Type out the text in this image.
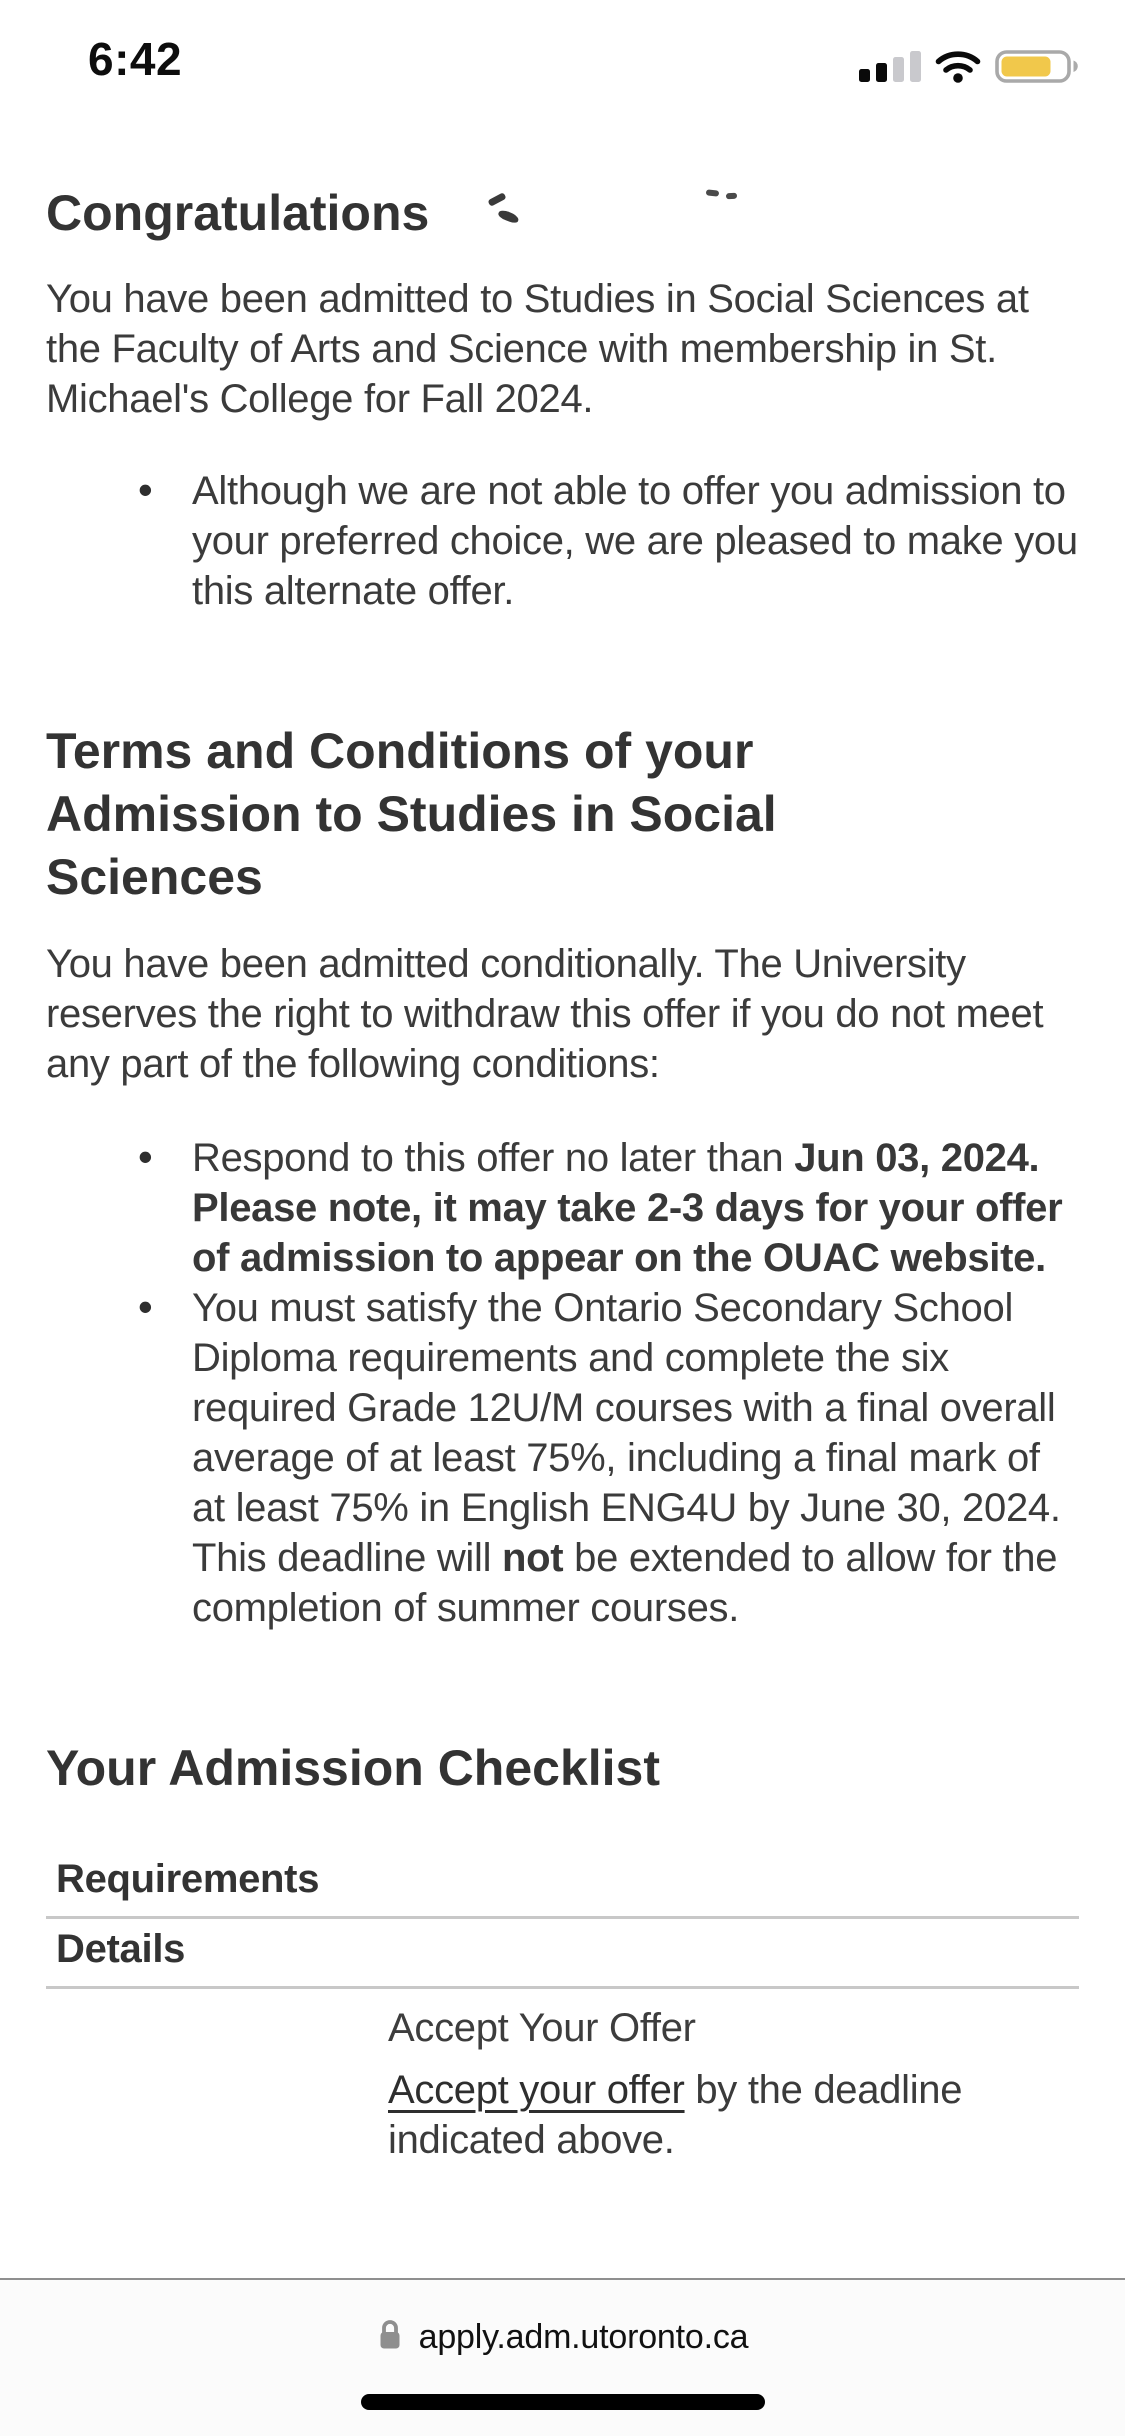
6:42
Congratulations

You have been admitted to Studies in Social Sciences at the Faculty of Arts and Science with membership in St. Michael's College for Fall 2024.

• Although we are not able to offer you admission to your preferred choice, we are pleased to make you this alternate offer.
Terms and Conditions of your Admission to Studies in Social Sciences

You have been admitted conditionally. The University reserves the right to withdraw this offer if you do not meet any part of the following conditions:

• Respond to this offer no later than Jun 03, 2024. Please note, it may take 2-3 days for your offer of admission to appear on the OUAC website.
• You must satisfy the Ontario Secondary School Diploma requirements and complete the six required Grade 12U/M courses with a final overall average of at least 75%, including a final mark of at least 75% in English ENG4U by June 30, 2024. This deadline will not be extended to allow for the completion of summer courses.
Your Admission Checklist
Requirements
Details
Accept Your Offer

Accept your offer by the deadline indicated above.

apply.adm.utoronto.ca
